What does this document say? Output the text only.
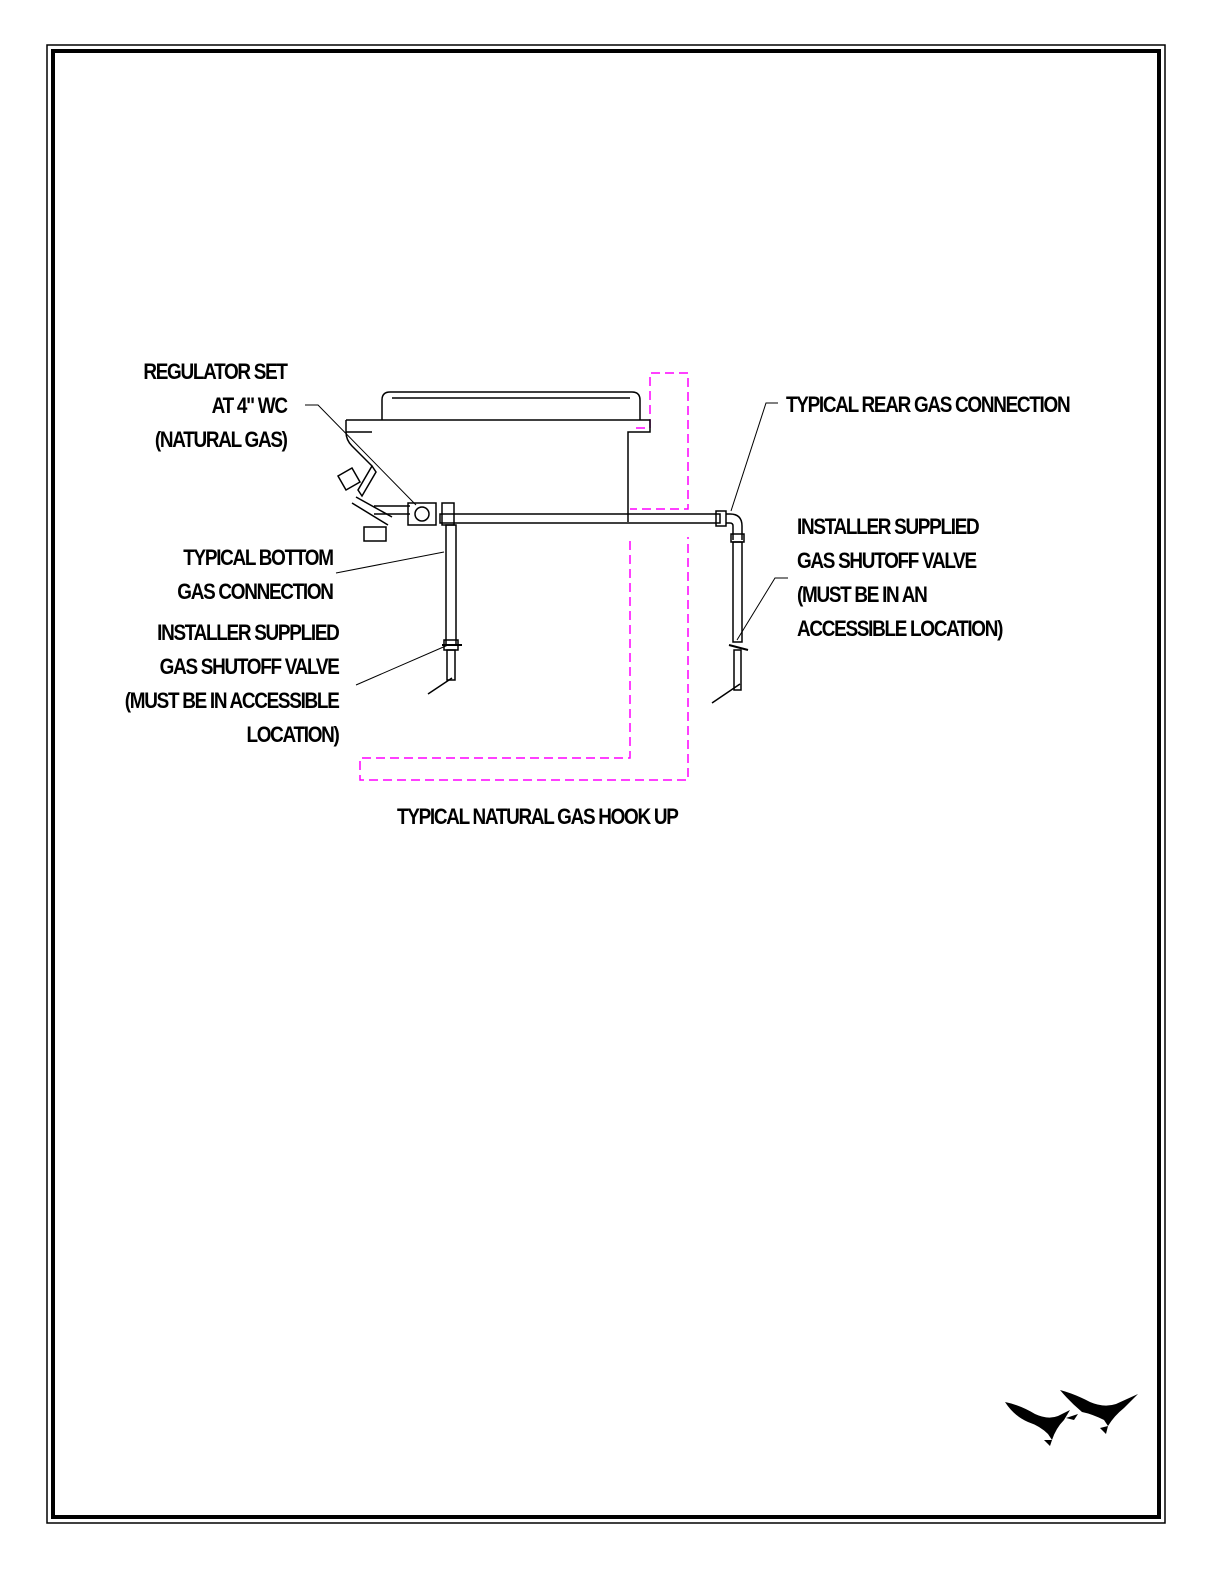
REGULATOR SET
AT 4" WC
(NATURAL GAS)
TYPICAL BOTTOM
GAS CONNECTION
INSTALLER SUPPLIED
GAS SHUTOFF VALVE
(MUST BE IN ACCESSIBLE
LOCATION)
TYPICAL REAR GAS CONNECTION
INSTALLER SUPPLIED
GAS SHUTOFF VALVE
(MUST BE IN AN
ACCESSIBLE LOCATION)
TYPICAL NATURAL GAS HOOK UP
